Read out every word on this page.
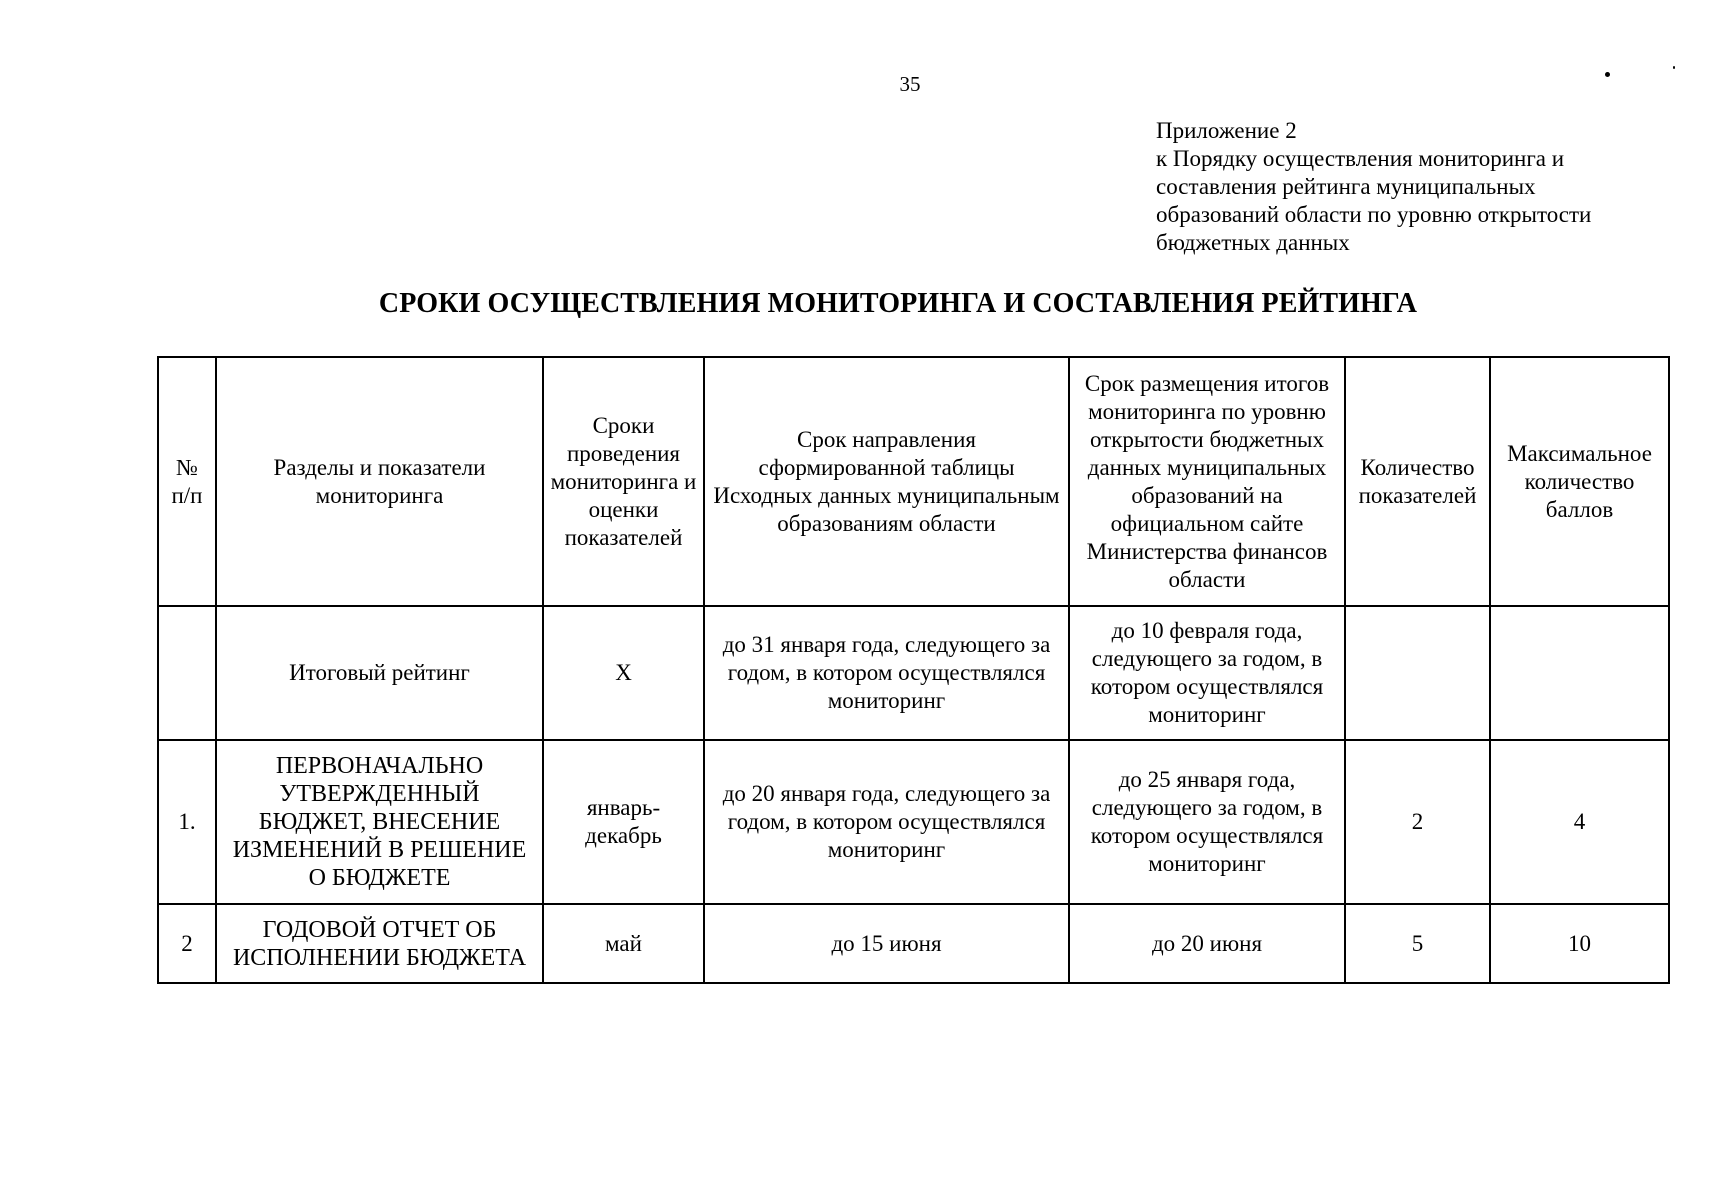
35
Приложение 2
к Порядку осуществления мониторинга и
составления рейтинга муниципальных
образований области по уровню открытости
бюджетных данных
СРОКИ ОСУЩЕСТВЛЕНИЯ МОНИТОРИНГА И СОСТАВЛЕНИЯ РЕЙТИНГА
№ п/п	Разделы и показатели мониторинга	Сроки проведения мониторинга и оценки показателей	Срок направления сформированной таблицы Исходных данных муниципальным образованиям области	Срок размещения итогов мониторинга по уровню открытости бюджетных данных муниципальных образований на официальном сайте Министерства финансов области	Количество показателей	Максимальное количество баллов
	Итоговый рейтинг	X	до 31 января года, следующего за годом, в котором осуществлялся мониторинг	до 10 февраля года, следующего за годом, в котором осуществлялся мониторинг		
1.	ПЕРВОНАЧАЛЬНО УТВЕРЖДЕННЫЙ БЮДЖЕТ, ВНЕСЕНИЕ ИЗМЕНЕНИЙ В РЕШЕНИЕ О БЮДЖЕТЕ	январь-декабрь	до 20 января года, следующего за годом, в котором осуществлялся мониторинг	до 25 января года, следующего за годом, в котором осуществлялся мониторинг	2	4
2	ГОДОВОЙ ОТЧЕТ ОБ ИСПОЛНЕНИИ БЮДЖЕТА	май	до 15 июня	до 20 июня	5	10
